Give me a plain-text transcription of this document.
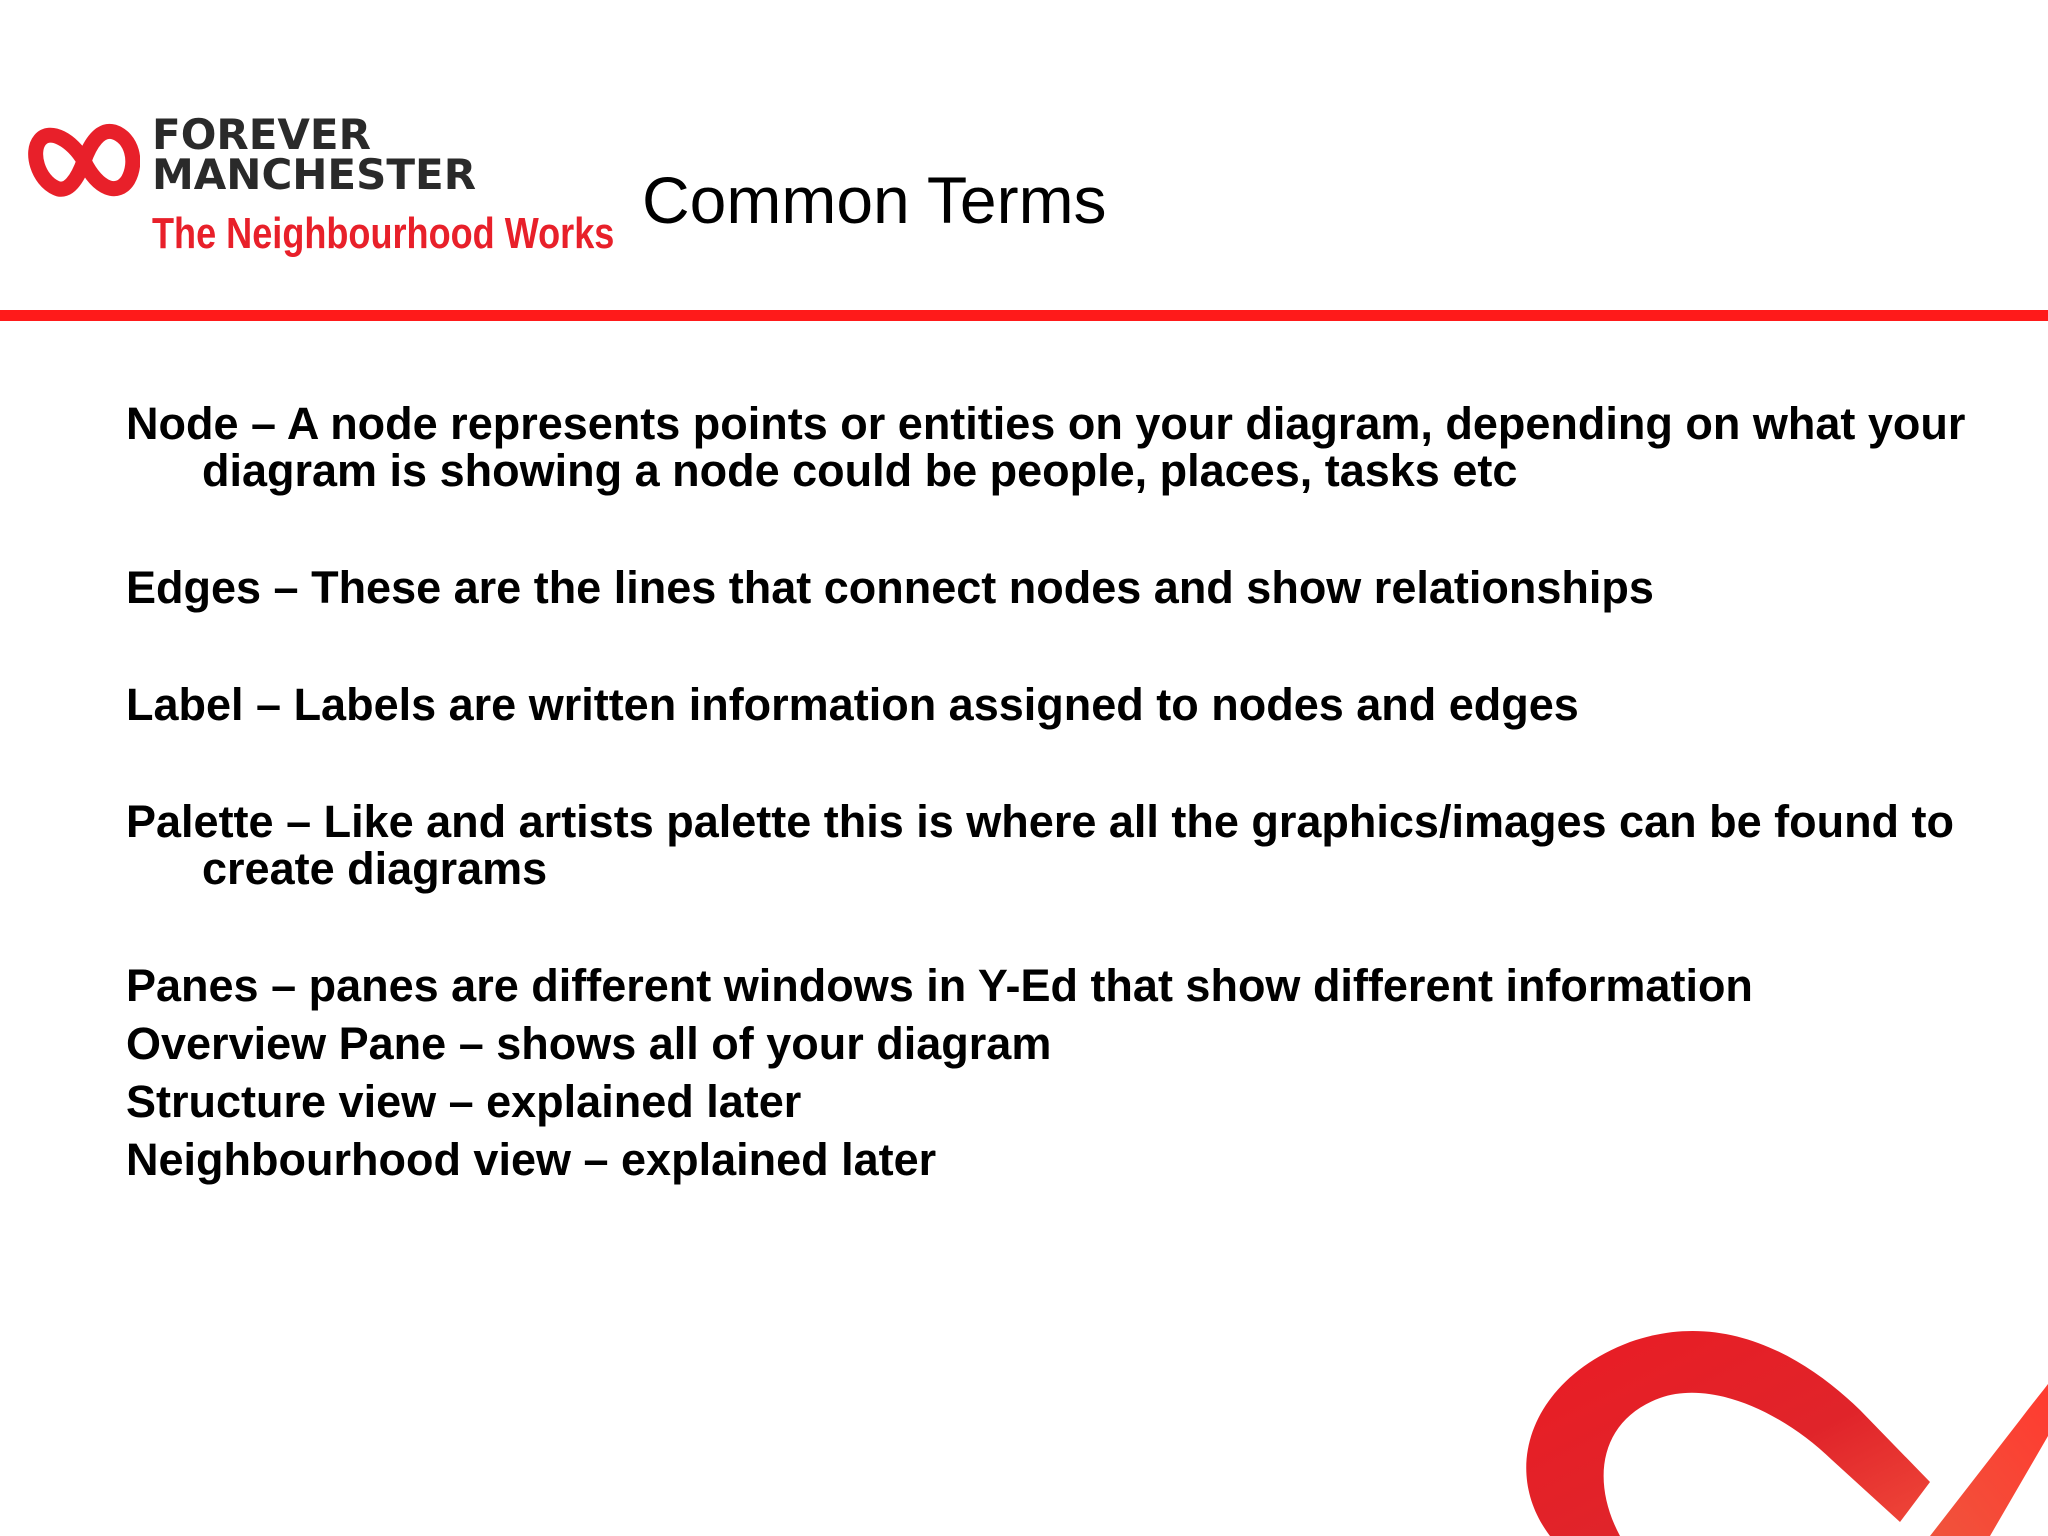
FOREVER
MANCHESTER
The Neighbourhood Works Common Terms

Node – A node represents points or entities on your diagram, depending on what your diagram is showing a node could be people, places, tasks etc

Edges – These are the lines that connect nodes and show relationships

Label – Labels are written information assigned to nodes and edges

Palette – Like and artists palette this is where all the graphics/images can be found to create diagrams

Panes – panes are different windows in Y-Ed that show different information

Overview Pane – shows all of your diagram

Structure view – explained later

Neighbourhood view – explained later
